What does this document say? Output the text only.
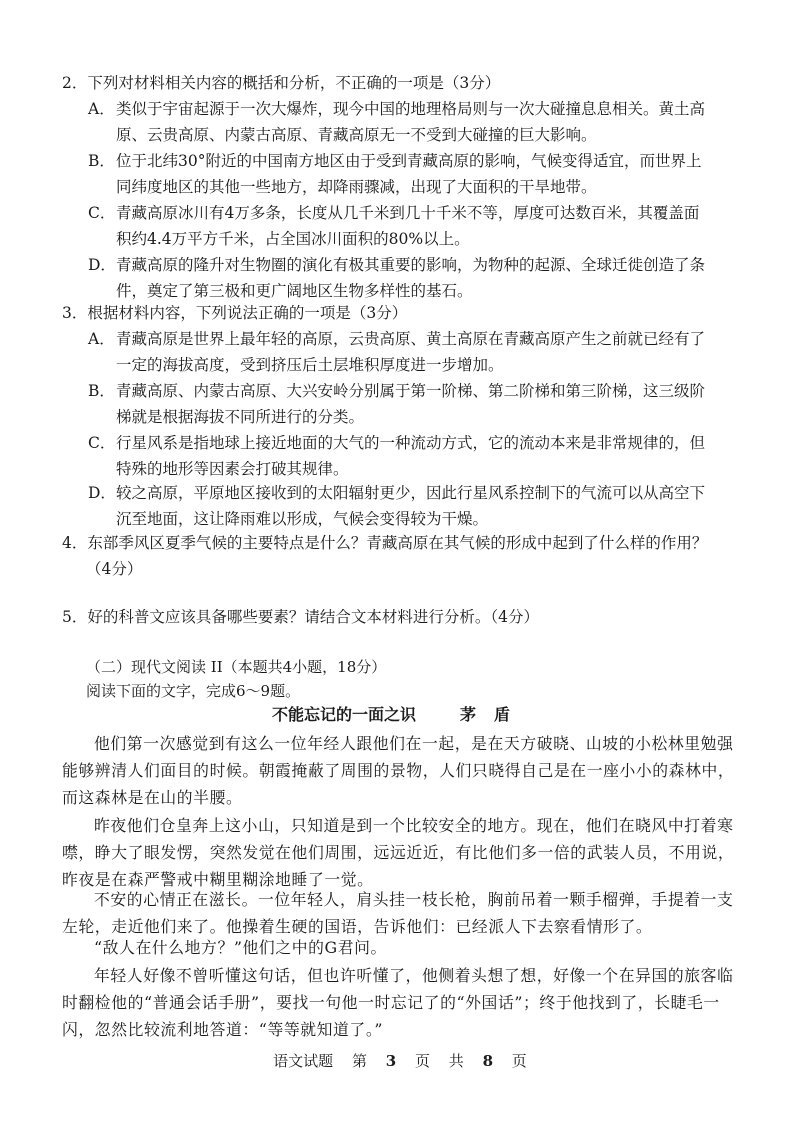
2．下列对材料相关内容的概括和分析，不正确的一项是（3分）
A． 类似于宇宙起源于一次大爆炸，现今中国的地理格局则与一次大碰撞息息相关。黄土高
原、云贵高原、内蒙古高原、青藏高原无一不受到大碰撞的巨大影响。
B． 位于北纬30°附近的中国南方地区由于受到青藏高原的影响，气候变得适宜，而世界上
同纬度地区的其他一些地方，却降雨骤减，出现了大面积的干旱地带。
C． 青藏高原冰川有4万多条，长度从几千米到几十千米不等，厚度可达数百米，其覆盖面
积约4.4万平方千米，占全国冰川面积的80%以上。
D． 青藏高原的隆升对生物圈的演化有极其重要的影响，为物种的起源、全球迁徙创造了条
件，奠定了第三极和更广阔地区生物多样性的基石。
3．根据材料内容，下列说法正确的一项是（3分）
A． 青藏高原是世界上最年轻的高原，云贵高原、黄土高原在青藏高原产生之前就已经有了
一定的海拔高度，受到挤压后土层堆积厚度进一步增加。
B． 青藏高原、内蒙古高原、大兴安岭分别属于第一阶梯、第二阶梯和第三阶梯，这三级阶
梯就是根据海拔不同所进行的分类。
C． 行星风系是指地球上接近地面的大气的一种流动方式，它的流动本来是非常规律的，但
特殊的地形等因素会打破其规律。
D． 较之高原，平原地区接收到的太阳辐射更少，因此行星风系控制下的气流可以从高空下
沉至地面，这让降雨难以形成，气候会变得较为干燥。
4．东部季风区夏季气候的主要特点是什么？青藏高原在其气候的形成中起到了什么样的作用？
（4分）
5．好的科普文应该具备哪些要素？请结合文本材料进行分析。（4分）
（二）现代文阅读 II（本题共4小题，18分）
阅读下面的文字，完成6～9题。
不能忘记的一面之识	茅盾
他们第一次感觉到有这么一位年经人跟他们在一起，是在天方破晓、山坡的小松林里勉强
能够辨清人们面目的时候。朝霞掩蔽了周围的景物，人们只晓得自己是在一座小小的森林中，
而这森林是在山的半腰。
昨夜他们仓皇奔上这小山，只知道是到一个比较安全的地方。现在，他们在晓风中打着寒
噤，睁大了眼发愣，突然发觉在他们周围，远远近近，有比他们多一倍的武装人员，不用说，
昨夜是在森严警戒中糊里糊涂地睡了一觉。
不安的心情正在滋长。一位年轻人，肩头挂一枝长枪，胸前吊着一颗手榴弹，手提着一支
左轮，走近他们来了。他操着生硬的国语，告诉他们：已经派人下去察看情形了。
“敌人在什么地方？”他们之中的G君问。
年轻人好像不曾听懂这句话，但也许听懂了，他侧着头想了想，好像一个在异国的旅客临
时翻检他的“普通会话手册”，要找一句他一时忘记了的“外国话”；终于他找到了，长睫毛一
闪，忽然比较流利地答道：“等等就知道了。”
语文试题 第 3 页 共 8 页
